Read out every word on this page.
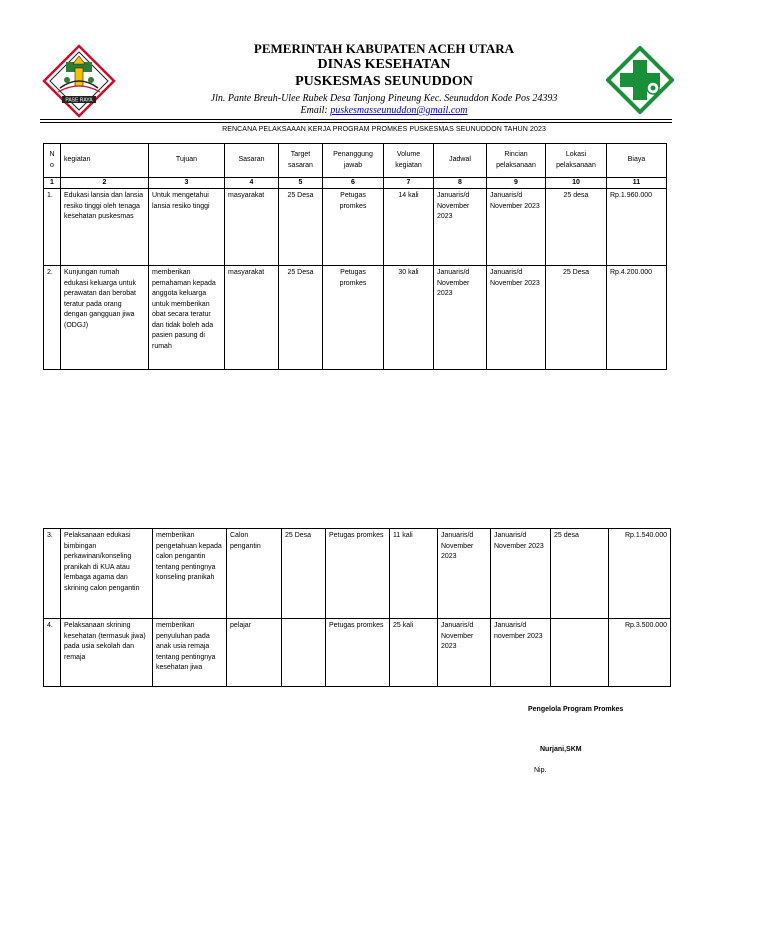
PASE RAYA
PEMERINTAH KABUPATEN ACEH UTARA
DINAS KESEHATAN
PUSKESMAS SEUNUDDON
Jln. Pante Breuh-Ulee Rubek Desa Tanjong Pineung Kec. Seunuddon Kode Pos 24393
Email: puskesmasseunuddon@gmail.com
RENCANA PELAKSAAAN KERJA PROGRAM PROMKES PUSKESMAS SEUNUDDON TAHUN 2023
N o	kegiatan	Tujuan	Sasaran	Target sasaran	Penanggung jawab	Volume kegiatan	Jadwal	Rincian pelaksanaan	Lokasi pelaksanaan	Biaya
1	2	3	4	5	6	7	8	9	10	11
1.	Edukasi lansia dan lansia resiko tinggi oleh tenaga kesehatan puskesmas	Untuk mengetahui lansia resiko tinggi	masyarakat	25 Desa	Petugas promkes	14 kali	Januaris/d November 2023	Januaris/d November 2023	25 desa	Rp.1.960.000
2.	Kunjungan rumah edukasi keluarga untuk perawatan dan berobat teratur pada orang dengan gangguan jiwa (ODGJ)	memberikan pemahaman kepada anggota keluarga untuk memberikan obat secara teratur dan tidak boleh ada pasien pasung di rumah	masyarakat	25 Desa	Petugas promkes	30 kali	Januaris/d November 2023	Januaris/d November 2023	25 Desa	Rp.4.200.000
3.	Pelaksanaan edukasi bimbingan perkawinan/konseling pranikah di KUA atau lembaga agama dan skrining calon pengantin	memberikan pengetahuan kepada calon pengantin tentang pentingnya konseling pranikah	Calon pengantin	25 Desa	Petugas promkes	11 kali	Januaris/d November 2023	Januaris/d November 2023	25 desa	Rp.1.540.000
4.	Pelaksanaan skrining kesehatan (termasuk jiwa) pada usia sekolah dan remaja	memberikan penyuluhan pada anak usia remaja tentang pentingnya kesehatan jiwa	pelajar		Petugas promkes	25 kali	Januaris/d November 2023	Januaris/d november 2023		Rp.3.500.000
Pengelola Program Promkes
Nurjani,SKM
Nip.
